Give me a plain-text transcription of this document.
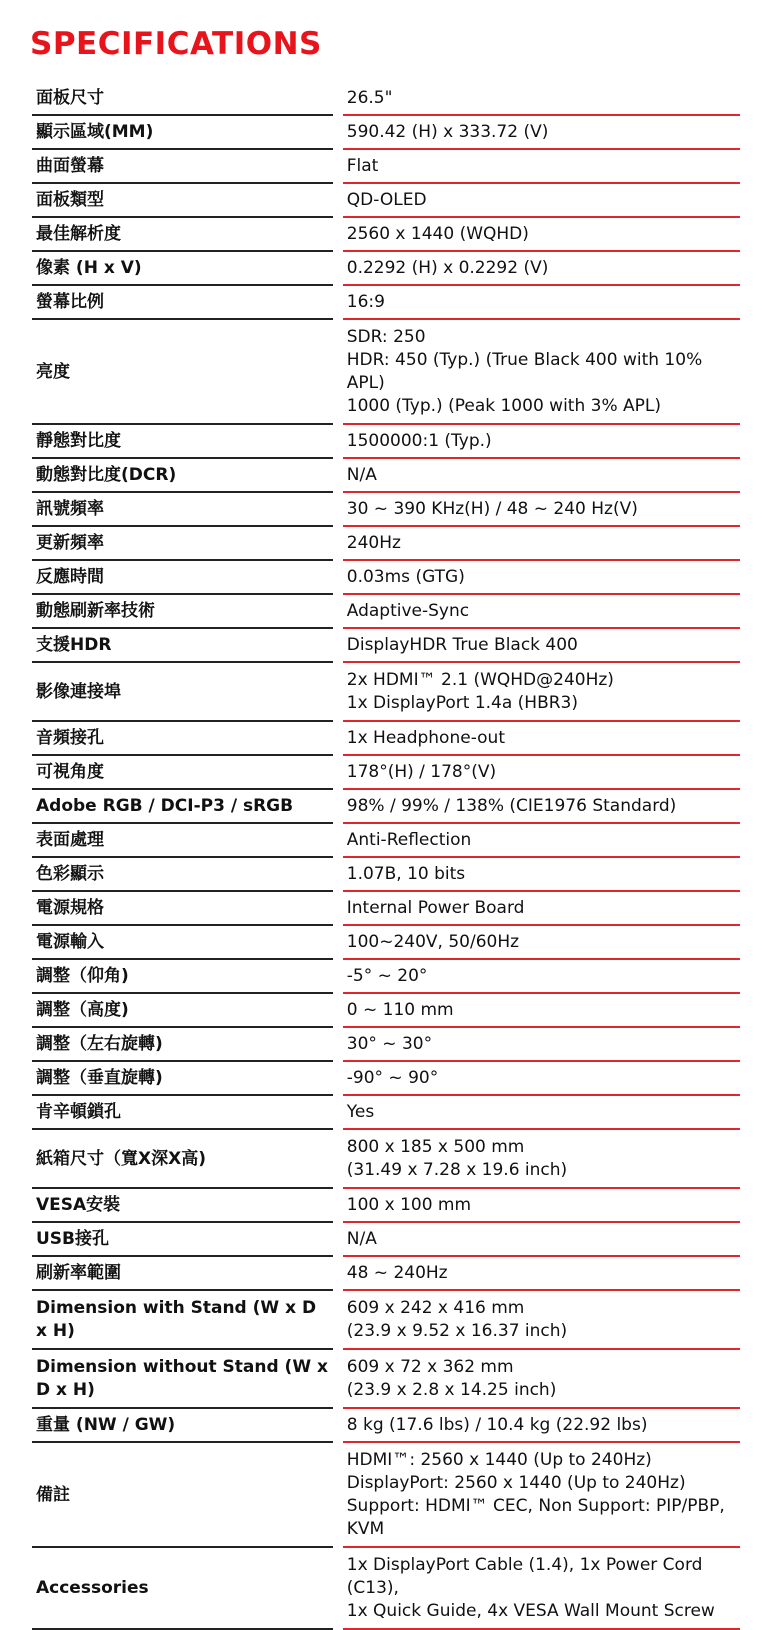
SPECIFICATIONS
面板尺寸		26.5"

顯示區域(MM)		590.42 (H) x 333.72 (V)

曲面螢幕		Flat

面板類型		QD-OLED

最佳解析度		2560 x 1440 (WQHD)

像素 (H x V)		0.2292 (H) x 0.2292 (V)

螢幕比例		16:9

亮度		SDR: 250
HDR: 450 (Typ.) (True Black 400 with 10% APL)
1000 (Typ.) (Peak 1000 with 3% APL)

靜態對比度		1500000:1 (Typ.)

動態對比度(DCR)		N/A

訊號頻率		30 ~ 390 KHz(H) / 48 ~ 240 Hz(V)

更新頻率		240Hz

反應時間		0.03ms (GTG)

動態刷新率技術		Adaptive-Sync

支援HDR		DisplayHDR True Black 400

影像連接埠		2x HDMI™ 2.1 (WQHD@240Hz)
1x DisplayPort 1.4a (HBR3)

音頻接孔		1x Headphone-out

可視角度		178°(H) / 178°(V)

Adobe RGB / DCI-P3 / sRGB		98% / 99% / 138% (CIE1976 Standard)

表面處理		Anti-Reflection

色彩顯示		1.07B, 10 bits

電源規格		Internal Power Board

電源輸入		100~240V, 50/60Hz

調整（仰角)		-5° ~ 20°

調整（高度)		0 ~ 110 mm

調整（左右旋轉)		30° ~ 30°

調整（垂直旋轉)		-90° ~ 90°

肯辛頓鎖孔		Yes

紙箱尺寸（寬X深X高)		800 x 185 x 500 mm
(31.49 x 7.28 x 19.6 inch)

VESA安裝		100 x 100 mm

USB接孔		N/A

刷新率範圍		48 ~ 240Hz

Dimension with Stand (W x D x H)		609 x 242 x 416 mm
(23.9 x 9.52 x 16.37 inch)

Dimension without Stand (W x D x H)		609 x 72 x 362 mm
(23.9 x 2.8 x 14.25 inch)

重量 (NW / GW)		8 kg (17.6 lbs) / 10.4 kg (22.92 lbs)

備註		HDMI™: 2560 x 1440 (Up to 240Hz)
DisplayPort: 2560 x 1440 (Up to 240Hz)
Support: HDMI™ CEC, Non Support: PIP/PBP, KVM

Accessories		1x DisplayPort Cable (1.4), 1x Power Cord (C13),
1x Quick Guide, 4x VESA Wall Mount Screw
